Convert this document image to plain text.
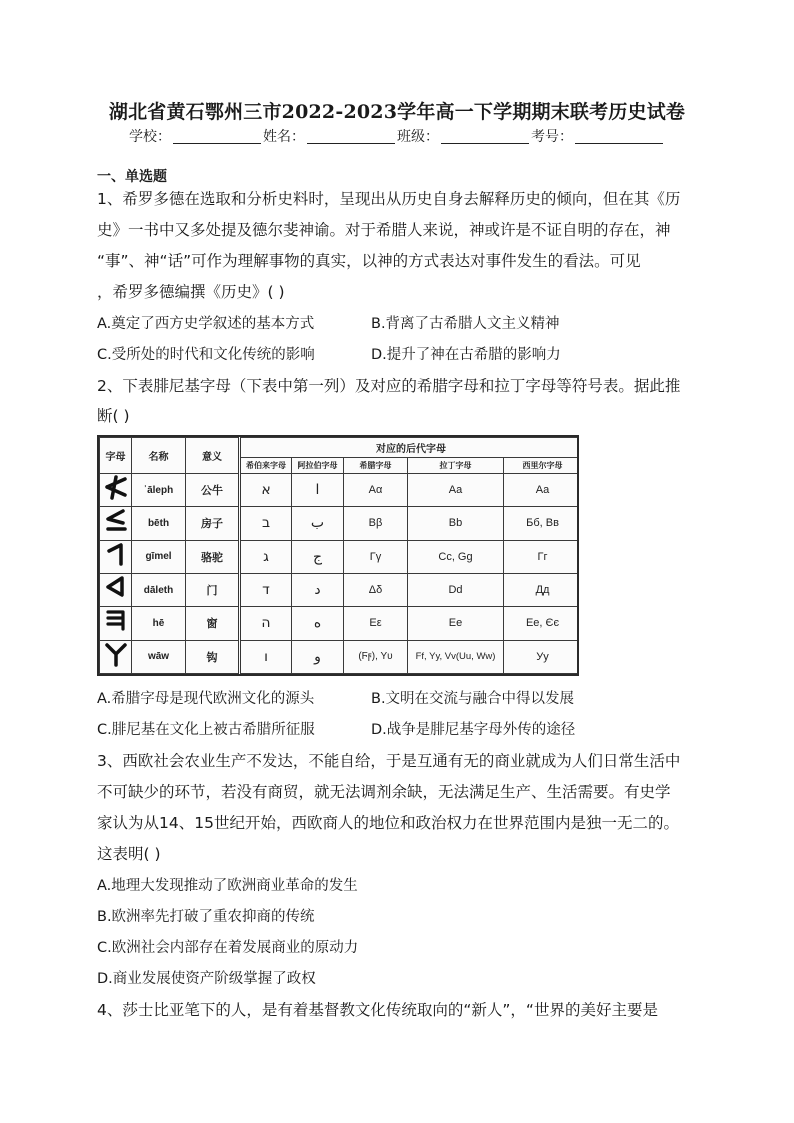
湖北省黄石鄂州三市2022-2023学年高一下学期期末联考历史试卷
学校：	姓名：	班级：	考号：
一、单选题
1、希罗多德在选取和分析史料时，呈现出从历史自身去解释历史的倾向，但在其《历
史》一书中又多处提及德尔斐神谕。对于希腊人来说，神或许是不证自明的存在，神
“事”、神“话”可作为理解事物的真实，以神的方式表达对事件发生的看法。可见
，希罗多德编撰《历史》( )
A.奠定了西方史学叙述的基本方式	B.背离了古希腊人文主义精神
C.受所处的时代和文化传统的影响	D.提升了神在古希腊的影响力
2、下表腓尼基字母（下表中第一列）及对应的希腊字母和拉丁字母等符号表。据此推
断( )
字母	名称	意义	对应的后代字母				
			希伯来字母	阿拉伯字母	希腊字母	拉丁字母	西里尔字母
	ʾāleph	公牛	א	ا	Αα	Aa	Aa
	bēth	房子	ב	ب	Ββ	Bb	Бб, Вв
	gīmel	骆驼	ג	ج	Γγ	Cc, Gg	Гг
	dāleth	门	ד	د	Δδ	Dd	Дд
	hē	窗	ה	ه	Εε	Ee	Ee, Єє
	wāw	钩	ו	و	(Ϝϝ), Υυ	Ff, Yy, Vv(Uu, Ww)	Уу
A.希腊字母是现代欧洲文化的源头	B.文明在交流与融合中得以发展
C.腓尼基在文化上被古希腊所征服	D.战争是腓尼基字母外传的途径
3、西欧社会农业生产不发达，不能自给，于是互通有无的商业就成为人们日常生活中
不可缺少的环节，若没有商贸，就无法调剂余缺，无法满足生产、生活需要。有史学
家认为从14、15世纪开始，西欧商人的地位和政治权力在世界范围内是独一无二的。
这表明( )
A.地理大发现推动了欧洲商业革命的发生
B.欧洲率先打破了重农抑商的传统
C.欧洲社会内部存在着发展商业的原动力
D.商业发展使资产阶级掌握了政权
4、莎士比亚笔下的人，是有着基督教文化传统取向的“新人”，“世界的美好主要是
